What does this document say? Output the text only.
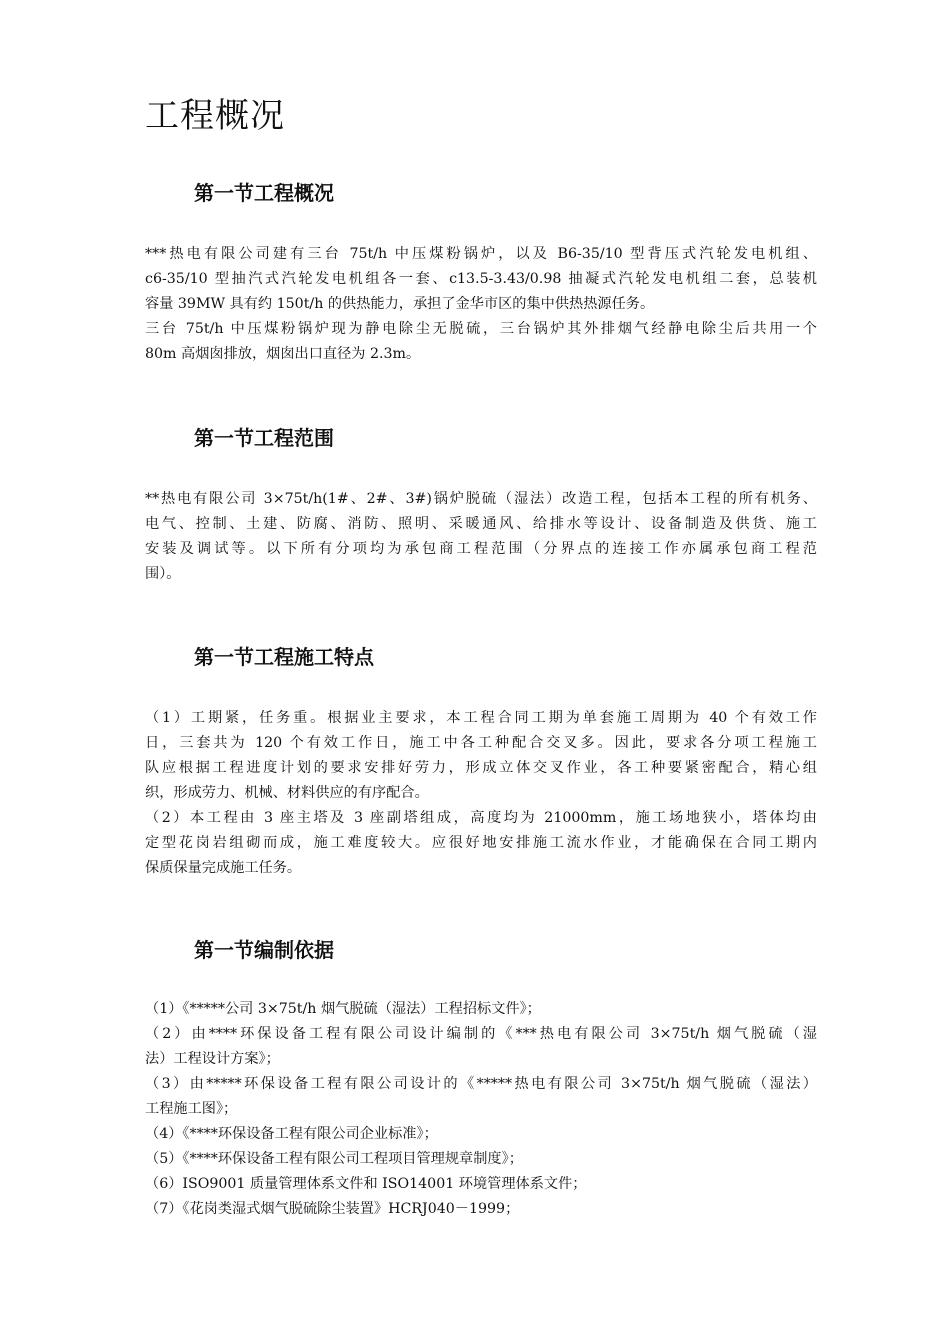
工程概况
第一节工程概况
***热电有限公司建有三台 75t/h 中压煤粉锅炉，以及 B6-35/10 型背压式汽轮发电机组、
c6-35/10 型抽汽式汽轮发电机组各一套、c13.5-3.43/0.98 抽凝式汽轮发电机组二套，总装机
容量 39MW 具有约 150t/h 的供热能力，承担了金华市区的集中供热热源任务。
三台 75t/h 中压煤粉锅炉现为静电除尘无脱硫，三台锅炉其外排烟气经静电除尘后共用一个
80m 高烟囱排放，烟囱出口直径为 2.3m。
第一节工程范围
**热电有限公司 3×75t/h(1#、2#、3#)锅炉脱硫（湿法）改造工程，包括本工程的所有机务、
电气、控制、土建、防腐、消防、照明、采暖通风、给排水等设计、设备制造及供货、施工
安装及调试等。以下所有分项均为承包商工程范围（分界点的连接工作亦属承包商工程范
围）。
第一节工程施工特点
（1）工期紧，任务重。根据业主要求，本工程合同工期为单套施工周期为 40 个有效工作
日，三套共为 120 个有效工作日，施工中各工种配合交叉多。因此，要求各分项工程施工
队应根据工程进度计划的要求安排好劳力，形成立体交叉作业，各工种要紧密配合，精心组
织，形成劳力、机械、材料供应的有序配合。
（2）本工程由 3 座主塔及 3 座副塔组成，高度均为 21000mm，施工场地狭小，塔体均由
定型花岗岩组砌而成，施工难度较大。应很好地安排施工流水作业，才能确保在合同工期内
保质保量完成施工任务。
第一节编制依据
（1）《*****公司 3×75t/h 烟气脱硫（湿法）工程招标文件》；
（2）由****环保设备工程有限公司设计编制的《***热电有限公司 3×75t/h 烟气脱硫（湿
法）工程设计方案》；
（3）由*****环保设备工程有限公司设计的《*****热电有限公司 3×75t/h 烟气脱硫（湿法）
工程施工图》；
（4）《****环保设备工程有限公司企业标准》；
（5）《****环保设备工程有限公司工程项目管理规章制度》；
（6）ISO9001 质量管理体系文件和 ISO14001 环境管理体系文件；
（7）《花岗类湿式烟气脱硫除尘装置》HCRJ040－1999；
